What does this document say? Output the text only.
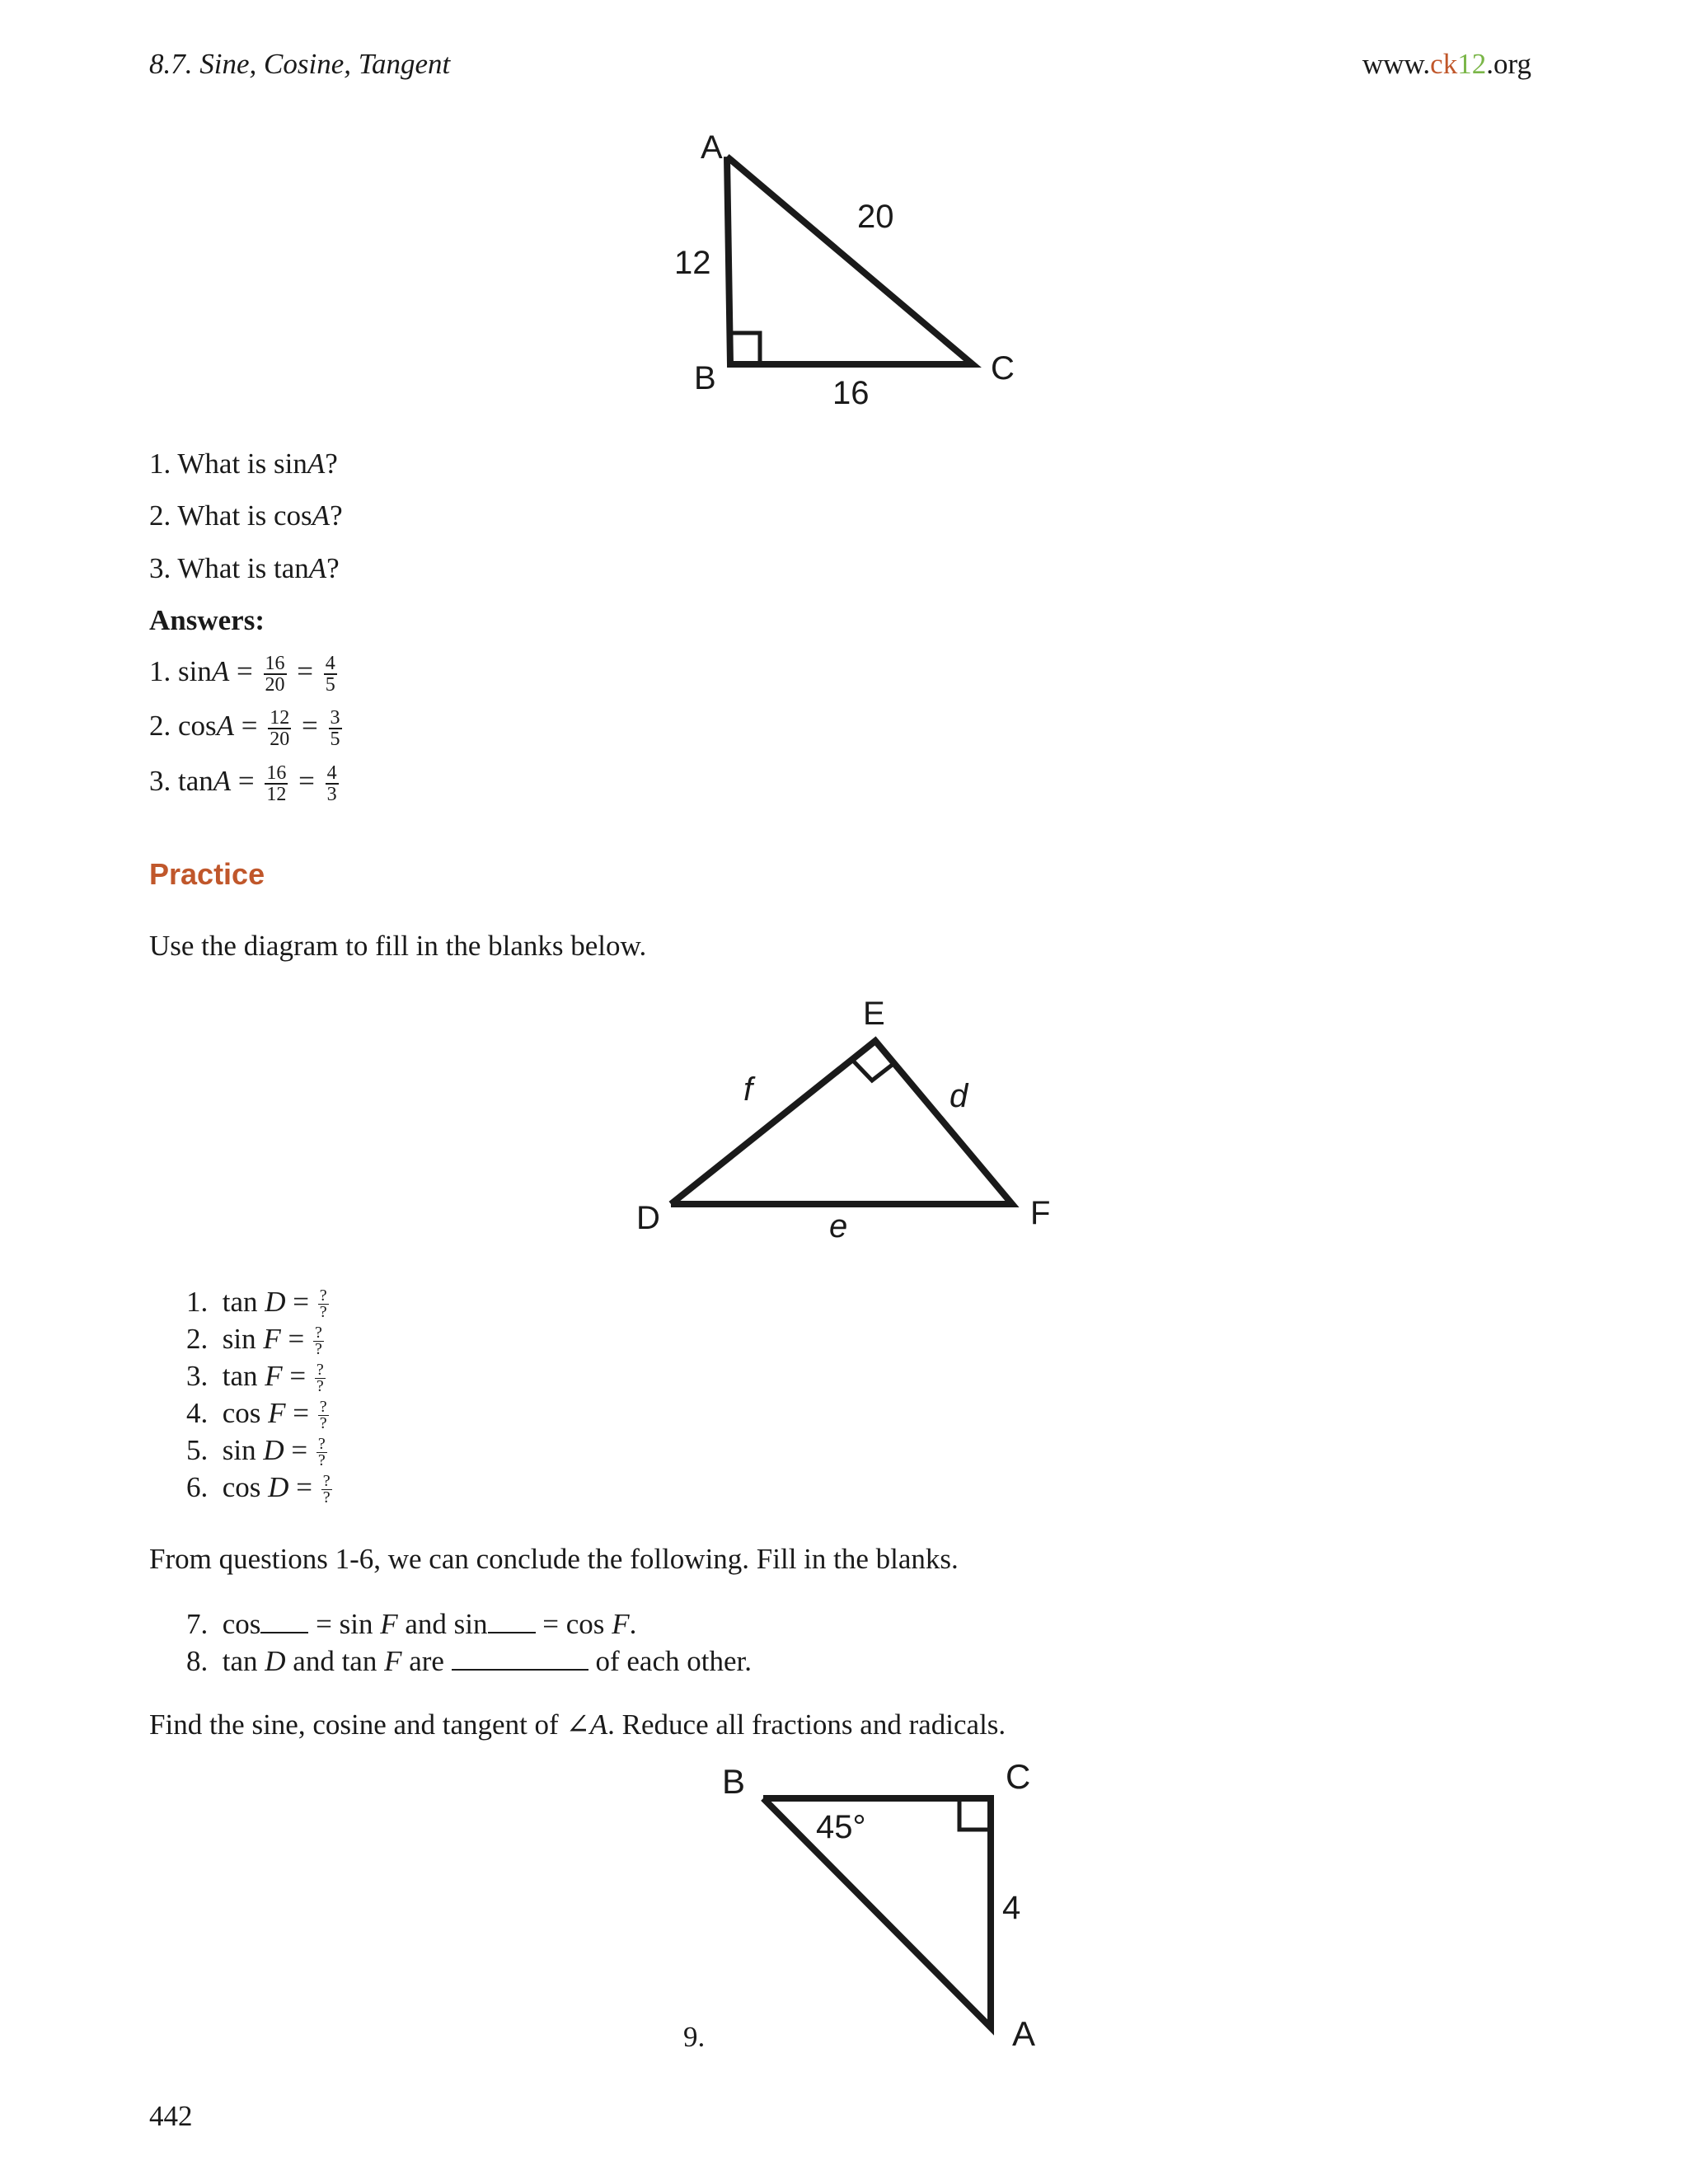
8.7. Sine, Cosine, Tangent	www.ck12.org
A
B	C
12
20
16
1. What is sinA?
2. What is cosA?
3. What is tanA?
Answers:
1. $\sin A = \frac{16}{20} = \frac{4}{5}$
2. $\cos A = \frac{12}{20} = \frac{3}{5}$
3. $\tan A = \frac{16}{12} = \frac{4}{3}$
Practice
Use the diagram to fill in the blanks below.
E
D	F
f	d
e
1. $\tan D = \frac{?}{?}$
2. $\sin F = \frac{?}{?}$
3. $\tan F = \frac{?}{?}$
4. $\cos F = \frac{?}{?}$
5. $\sin D = \frac{?}{?}$
6. $\cos D = \frac{?}{?}$
From questions 1-6, we can conclude the following. Fill in the blanks.
7. cos = sin F and sin = cos F.
8. tan D and tan F are	of each other.
Find the sine, cosine and tangent of ∠A. Reduce all fractions and radicals.
B	C
A
45°
4
9.
442
